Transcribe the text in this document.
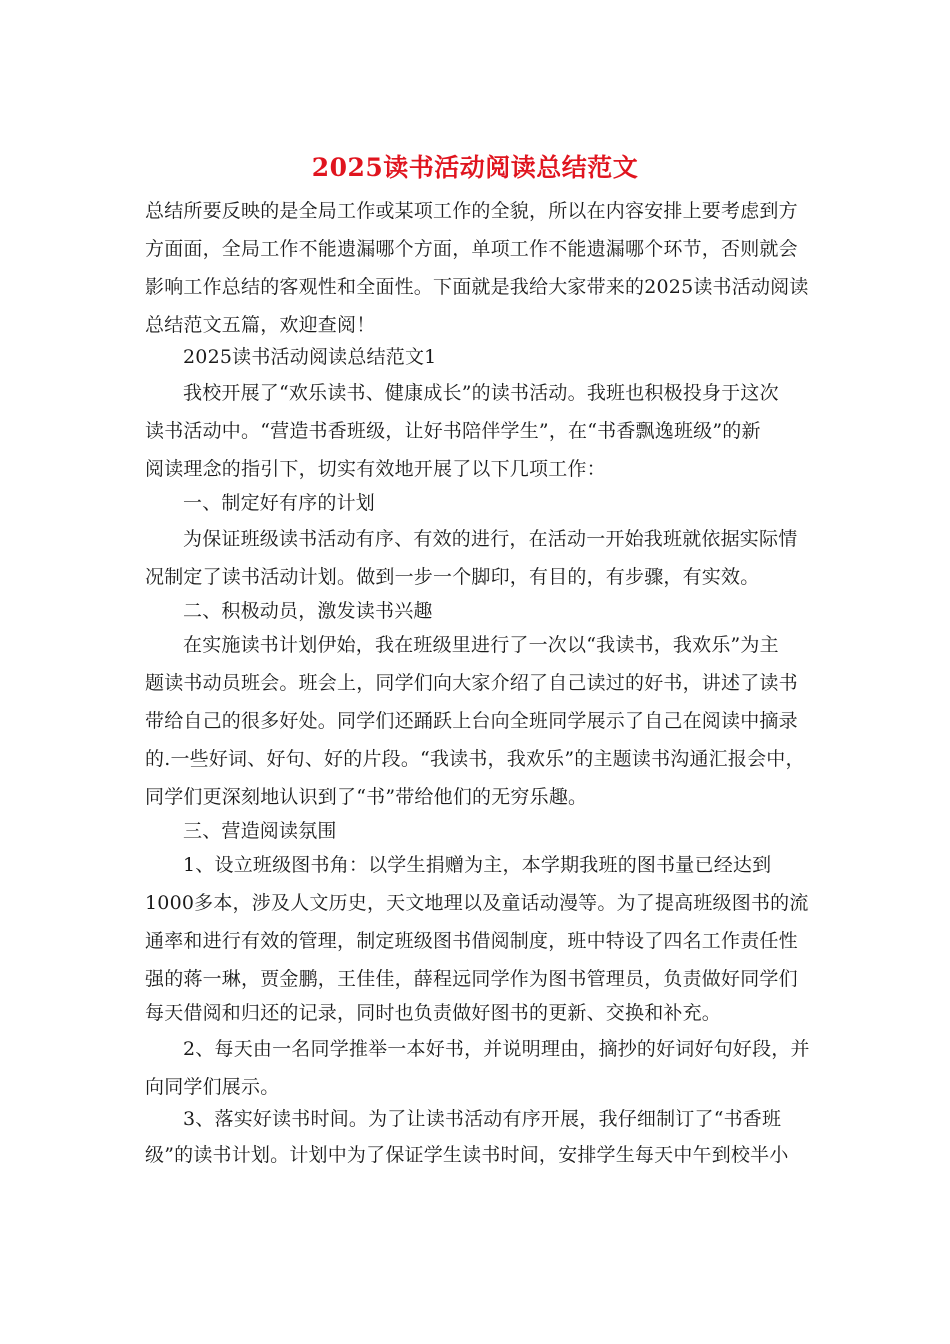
2025读书活动阅读总结范文
总结所要反映的是全局工作或某项工作的全貌，所以在内容安排上要考虑到方
方面面，全局工作不能遗漏哪个方面，单项工作不能遗漏哪个环节，否则就会
影响工作总结的客观性和全面性。下面就是我给大家带来的2025读书活动阅读
总结范文五篇，欢迎查阅！
2025读书活动阅读总结范文1
我校开展了“欢乐读书、健康成长”的读书活动。我班也积极投身于这次
读书活动中。“营造书香班级，让好书陪伴学生”，在“书香飘逸班级”的新
阅读理念的指引下，切实有效地开展了以下几项工作：
一、制定好有序的计划
为保证班级读书活动有序、有效的进行，在活动一开始我班就依据实际情
况制定了读书活动计划。做到一步一个脚印，有目的，有步骤，有实效。
二、积极动员，激发读书兴趣
在实施读书计划伊始，我在班级里进行了一次以“我读书，我欢乐”为主
题读书动员班会。班会上，同学们向大家介绍了自己读过的好书，讲述了读书
带给自己的很多好处。同学们还踊跃上台向全班同学展示了自己在阅读中摘录
的.一些好词、好句、好的片段。“我读书，我欢乐”的主题读书沟通汇报会中，
同学们更深刻地认识到了“书”带给他们的无穷乐趣。
三、营造阅读氛围
1、设立班级图书角：以学生捐赠为主，本学期我班的图书量已经达到
1000多本，涉及人文历史，天文地理以及童话动漫等。为了提高班级图书的流
通率和进行有效的管理，制定班级图书借阅制度，班中特设了四名工作责任性
强的蒋一琳，贾金鹏，王佳佳，薛程远同学作为图书管理员，负责做好同学们
每天借阅和归还的记录，同时也负责做好图书的更新、交换和补充。
2、每天由一名同学推举一本好书，并说明理由，摘抄的好词好句好段，并
向同学们展示。
3、落实好读书时间。为了让读书活动有序开展，我仔细制订了“书香班
级”的读书计划。计划中为了保证学生读书时间，安排学生每天中午到校半小
